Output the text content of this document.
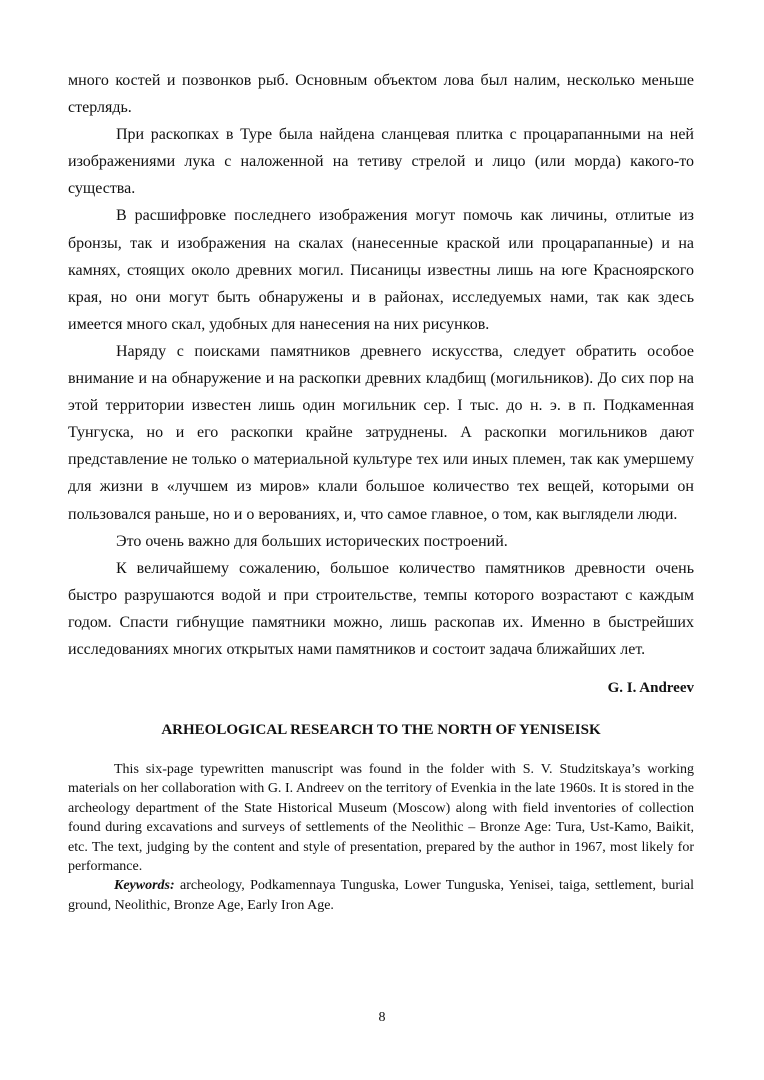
много костей и позвонков рыб. Основным объектом лова был налим, несколько меньше стерлядь.

При раскопках в Туре была найдена сланцевая плитка с процарапанными на ней изображениями лука с наложенной на тетиву стрелой и лицо (или морда) какого-то существа.

В расшифровке последнего изображения могут помочь как личины, отлитые из бронзы, так и изображения на скалах (нанесенные краской или процарапанные) и на камнях, стоящих около древних могил. Писаницы известны лишь на юге Красноярского края, но они могут быть обнаружены и в районах, исследуемых нами, так как здесь имеется много скал, удобных для нанесения на них рисунков.

Наряду с поисками памятников древнего искусства, следует обратить особое внимание и на обнаружение и на раскопки древних кладбищ (могильников). До сих пор на этой территории известен лишь один могильник сер. I тыс. до н. э. в п. Подкаменная Тунгуска, но и его раскопки крайне затруднены. А раскопки могильников дают представление не только о материальной культуре тех или иных племен, так как умершему для жизни в «лучшем из миров» клали большое количество тех вещей, которыми он пользовался раньше, но и о верованиях, и, что самое главное, о том, как выглядели люди.

Это очень важно для больших исторических построений.

К величайшему сожалению, большое количество памятников древности очень быстро разрушаются водой и при строительстве, темпы которого возрастают с каждым годом. Спасти гибнущие памятники можно, лишь раскопав их. Именно в быстрейших исследованиях многих открытых нами памятников и состоит задача ближайших лет.

G. I. Andreev
ARHEOLOGICAL RESEARCH TO THE NORTH OF YENISEISK

This six-page typewritten manuscript was found in the folder with S. V. Studzitskaya’s working materials on her collaboration with G. I. Andreev on the territory of Evenkia in the late 1960s. It is stored in the archeology department of the State Historical Museum (Moscow) along with field inventories of collection found during excavations and surveys of settlements of the Neolithic – Bronze Age: Tura, Ust-Kamo, Baikit, etc. The text, judging by the content and style of presentation, prepared by the author in 1967, most likely for performance.

Keywords: archeology, Podkamennaya Tunguska, Lower Tunguska, Yenisei, taiga, settlement, burial ground, Neolithic, Bronze Age, Early Iron Age.

8
